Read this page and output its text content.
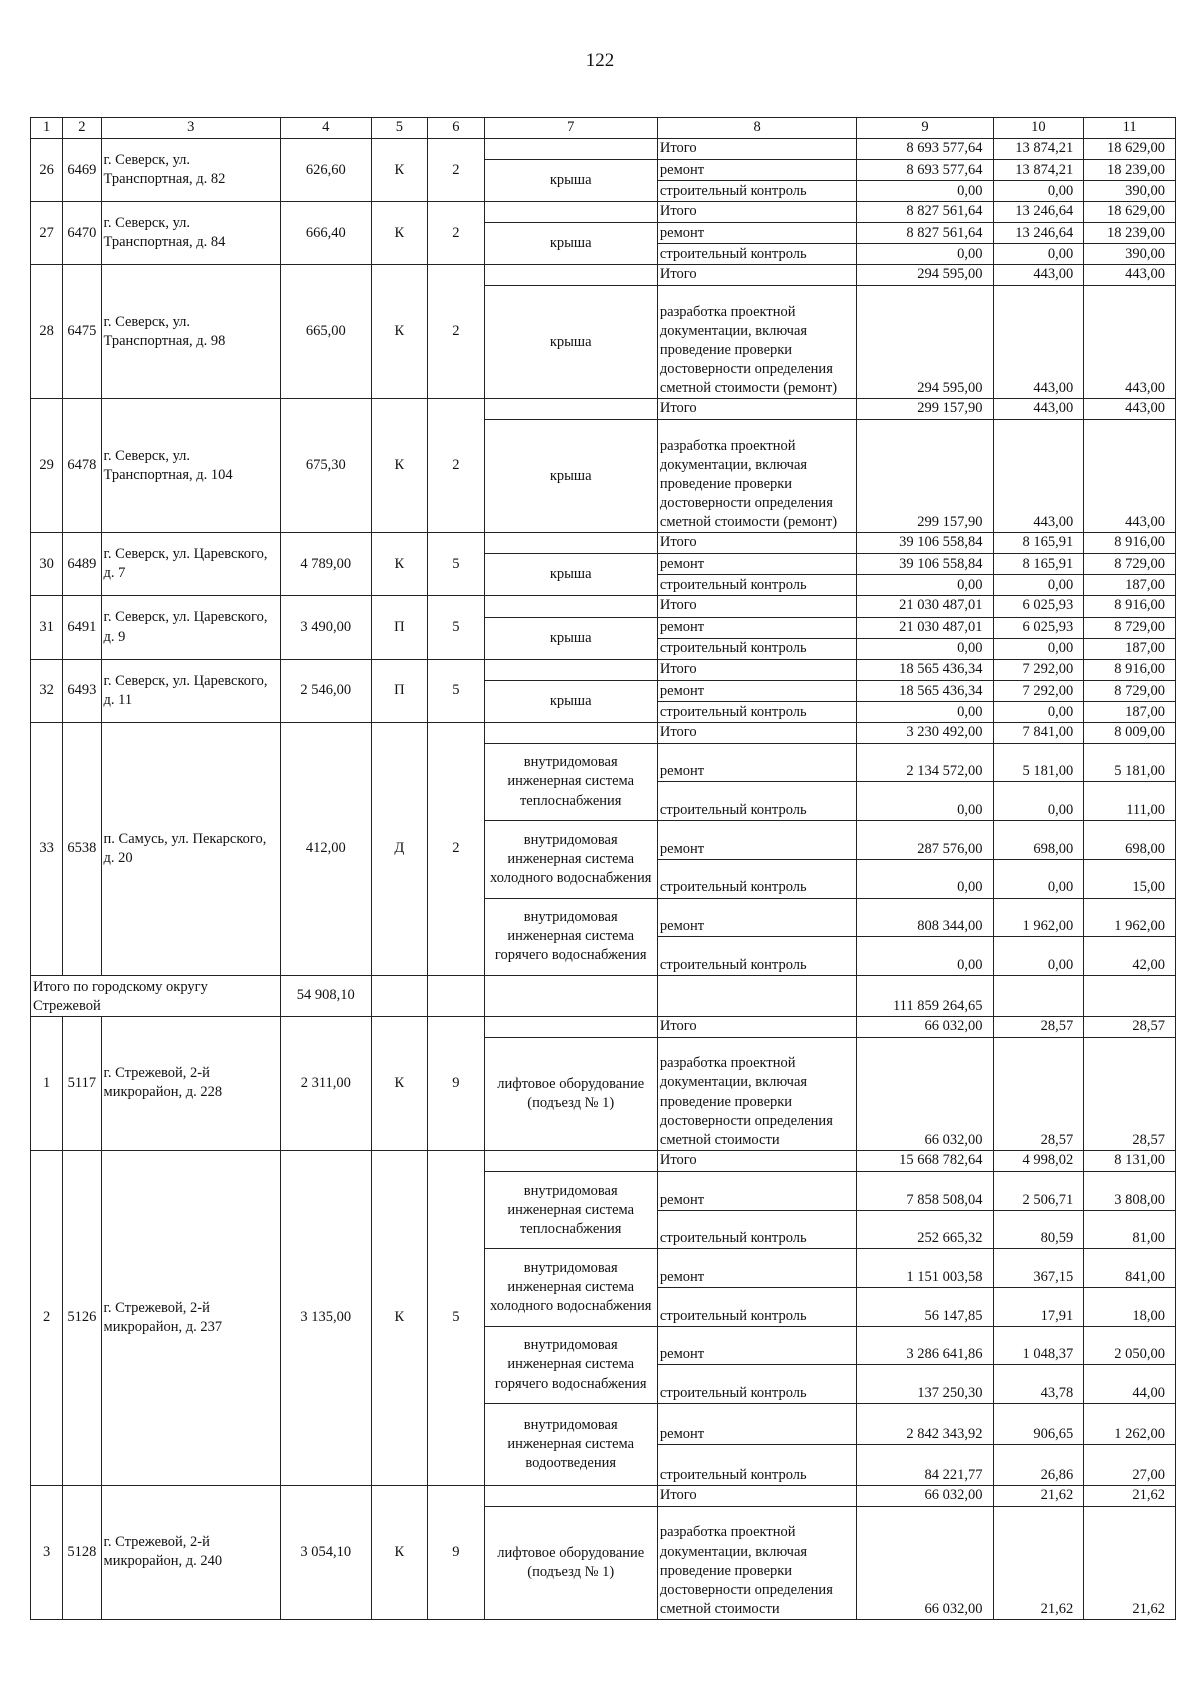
122
1	2	3	4	5	6	7	8	9	10	11
26	6469	г. Северск, ул. Транспортная, д. 82	626,60	К	2		Итого	8 693 577,64	13 874,21	18 629,00
						крыша	ремонт	8 693 577,64	13 874,21	18 239,00
							строительный контроль	0,00	0,00	390,00
27	6470	г. Северск, ул. Транспортная, д. 84	666,40	К	2		Итого	8 827 561,64	13 246,64	18 629,00
						крыша	ремонт	8 827 561,64	13 246,64	18 239,00
							строительный контроль	0,00	0,00	390,00
28	6475	г. Северск, ул. Транспортная, д. 98	665,00	К	2		Итого	294 595,00	443,00	443,00
						крыша	разработка проектной документации, включая проведение проверки достоверности определения сметной стоимости (ремонт)	294 595,00	443,00	443,00
29	6478	г. Северск, ул. Транспортная, д. 104	675,30	К	2		Итого	299 157,90	443,00	443,00
						крыша	разработка проектной документации, включая проведение проверки достоверности определения сметной стоимости (ремонт)	299 157,90	443,00	443,00
30	6489	г. Северск, ул. Царевского, д. 7	4 789,00	К	5		Итого	39 106 558,84	8 165,91	8 916,00
						крыша	ремонт	39 106 558,84	8 165,91	8 729,00
							строительный контроль	0,00	0,00	187,00
31	6491	г. Северск, ул. Царевского, д. 9	3 490,00	П	5		Итого	21 030 487,01	6 025,93	8 916,00
						крыша	ремонт	21 030 487,01	6 025,93	8 729,00
							строительный контроль	0,00	0,00	187,00
32	6493	г. Северск, ул. Царевского, д. 11	2 546,00	П	5		Итого	18 565 436,34	7 292,00	8 916,00
						крыша	ремонт	18 565 436,34	7 292,00	8 729,00
							строительный контроль	0,00	0,00	187,00
33	6538	п. Самусь, ул. Пекарского, д. 20	412,00	Д	2		Итого	3 230 492,00	7 841,00	8 009,00
						внутридомовая инженерная система теплоснабжения	ремонт	2 134 572,00	5 181,00	5 181,00
							строительный контроль	0,00	0,00	111,00
						внутридомовая инженерная система холодного водоснабжения	ремонт	287 576,00	698,00	698,00
							строительный контроль	0,00	0,00	15,00
						внутридомовая инженерная система горячего водоснабжения	ремонт	808 344,00	1 962,00	1 962,00
							строительный контроль	0,00	0,00	42,00
Итого по городскому округу Стрежевой			54 908,10					111 859 264,65		
1	5117	г. Стрежевой, 2-й микрорайон, д. 228	2 311,00	К	9		Итого	66 032,00	28,57	28,57
						лифтовое оборудование (подъезд № 1)	разработка проектной документации, включая проведение проверки достоверности определения сметной стоимости	66 032,00	28,57	28,57
2	5126	г. Стрежевой, 2-й микрорайон, д. 237	3 135,00	К	5		Итого	15 668 782,64	4 998,02	8 131,00
						внутридомовая инженерная система теплоснабжения	ремонт	7 858 508,04	2 506,71	3 808,00
							строительный контроль	252 665,32	80,59	81,00
						внутридомовая инженерная система холодного водоснабжения	ремонт	1 151 003,58	367,15	841,00
							строительный контроль	56 147,85	17,91	18,00
						внутридомовая инженерная система горячего водоснабжения	ремонт	3 286 641,86	1 048,37	2 050,00
							строительный контроль	137 250,30	43,78	44,00
						внутридомовая инженерная система водоотведения	ремонт	2 842 343,92	906,65	1 262,00
							строительный контроль	84 221,77	26,86	27,00
3	5128	г. Стрежевой, 2-й микрорайон, д. 240	3 054,10	К	9		Итого	66 032,00	21,62	21,62
						лифтовое оборудование (подъезд № 1)	разработка проектной документации, включая проведение проверки достоверности определения сметной стоимости	66 032,00	21,62	21,62
